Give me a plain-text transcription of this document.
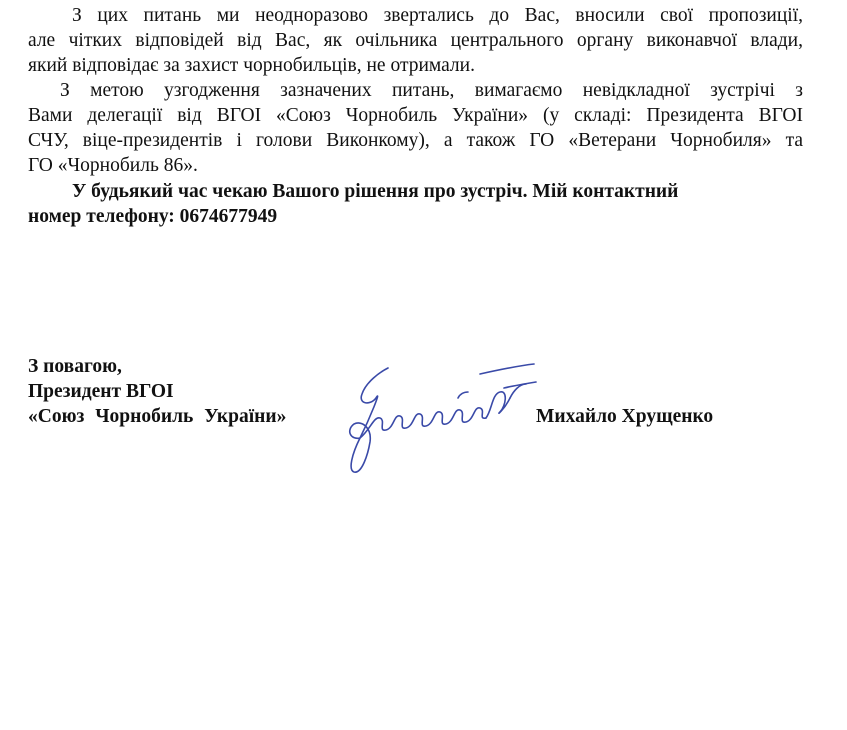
З цих питань ми неодноразово звертались до Вас, вносили свої пропозиції,
але чітких відповідей від Вас, як очільника центрального органу виконавчої влади,
який відповідає за захист чорнобильців, не отримали.

З метою узгодження зазначених питань, вимагаємо невідкладної зустрічі з
Вами делегації від ВГОІ «Союз Чорнобиль України» (у складі: Президента ВГОІ
СЧУ, віце-президентів і голови Виконкому), а також ГО «Ветерани Чорнобиля» та
ГО «Чорнобиль 86».

У будьякий час чекаю Вашого рішення про зустріч. Мій контактний
номер телефону: 0674677949

З повагою,
Президент ВГОІ
«Союз Чорнобиль України»	Михайло Хрущенко
